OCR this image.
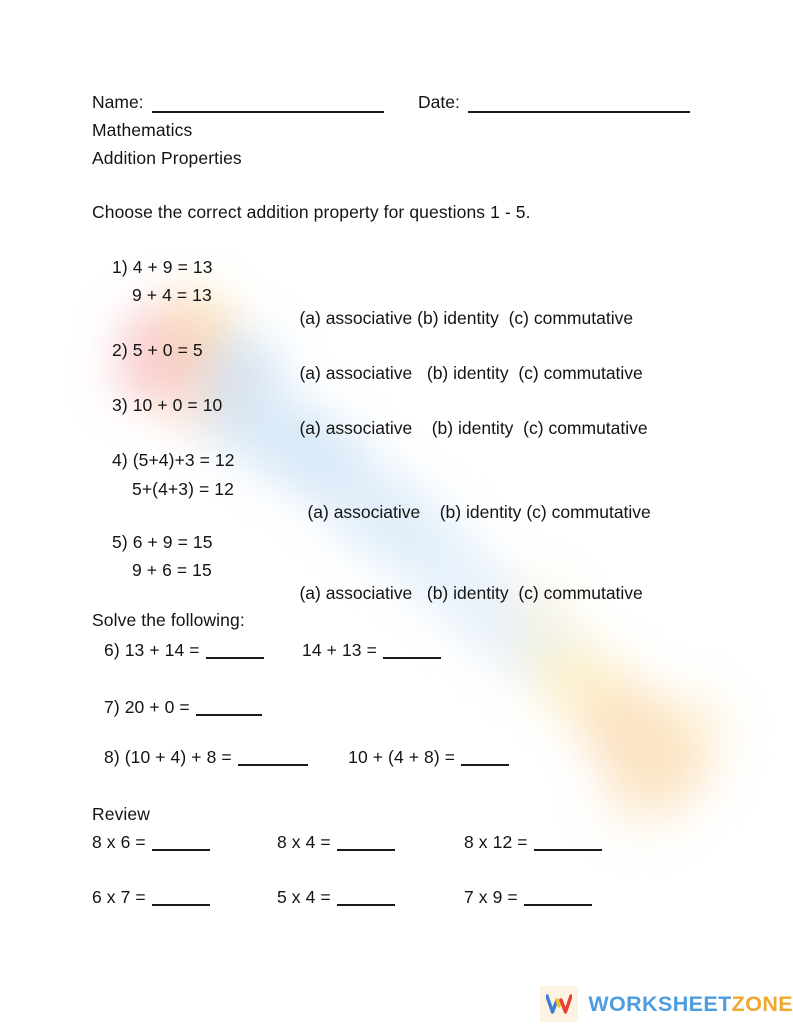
Name:	Date:
Mathematics
Addition Properties
Choose the correct addition property for questions 1 - 5.
1) 4 + 9 = 13
9 + 4 = 13

(a) associative (b) identity (c) commutative

2) 5 + 0 = 5

(a) associative (b) identity (c) commutative

3) 10 + 0 = 10

(a) associative (b) identity (c) commutative

4) (5+4)+3 = 12
5+(4+3) = 12

(a) associative (b) identity (c) commutative

5) 6 + 9 = 15
9 + 6 = 15

(a) associative (b) identity (c) commutative

Solve the following:
6) 13 + 14 =	14 + 13 =
7) 20 + 0 =
8) (10 + 4) + 8 =	10 + (4 + 8) =
Review
8 x 6 =	8 x 4 =	8 x 12 =
6 x 7 =	5 x 4 =	7 x 9 =
WORKSHEETZONE
